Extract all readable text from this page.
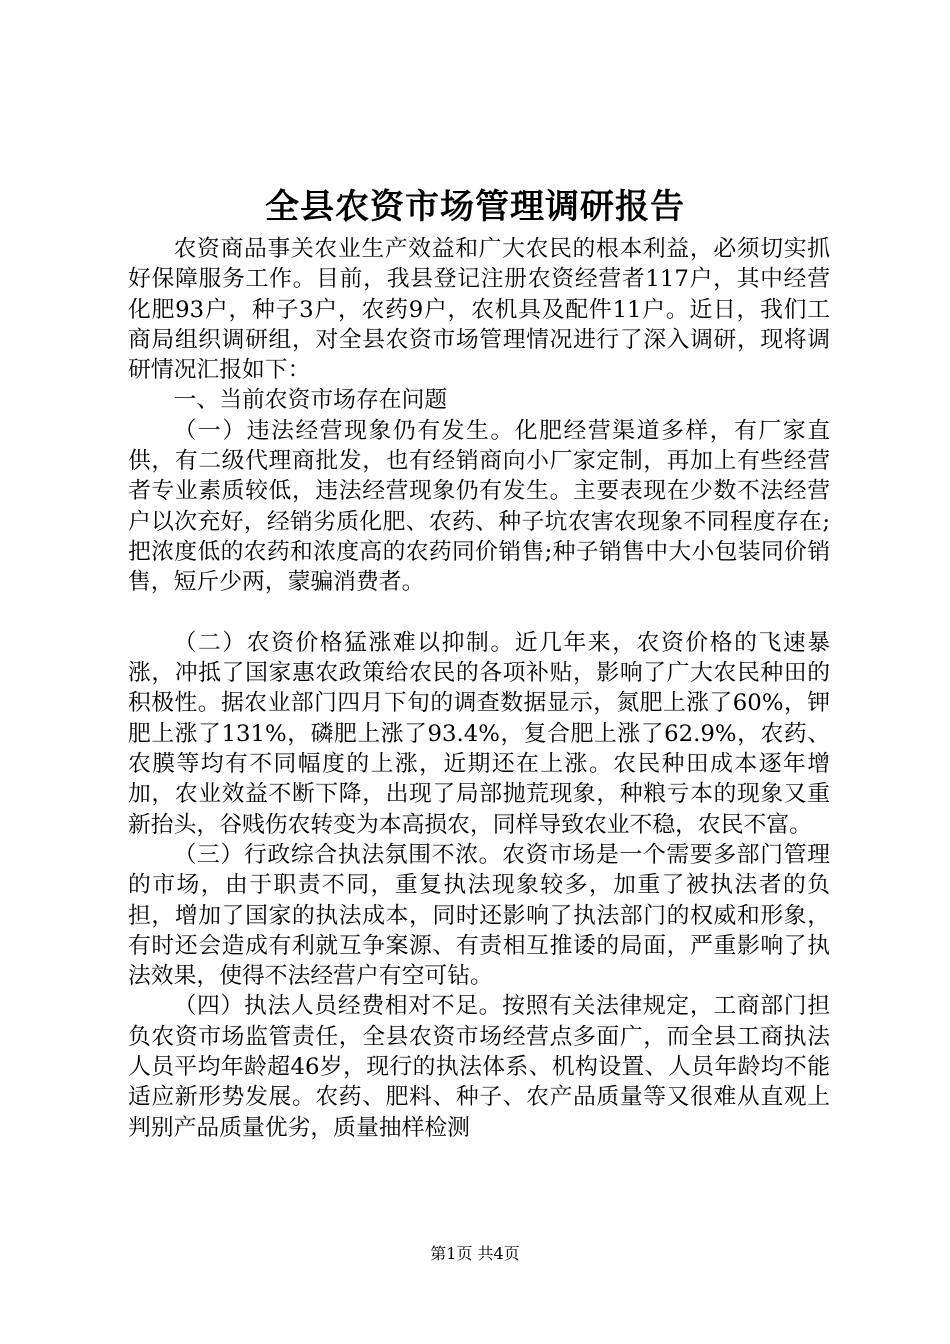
全县农资市场管理调研报告

农资商品事关农业生产效益和广大农民的根本利益，必须切实抓好保障服务工作。目前，我县登记注册农资经营者117户，其中经营化肥93户，种子3户，农药9户，农机具及配件11户。近日，我们工商局组织调研组，对全县农资市场管理情况进行了深入调研，现将调研情况汇报如下：

一、当前农资市场存在问题

（一）违法经营现象仍有发生。化肥经营渠道多样，有厂家直供，有二级代理商批发，也有经销商向小厂家定制，再加上有些经营者专业素质较低，违法经营现象仍有发生。主要表现在少数不法经营户以次充好，经销劣质化肥、农药、种子坑农害农现象不同程度存在;把浓度低的农药和浓度高的农药同价销售;种子销售中大小包装同价销售，短斤少两，蒙骗消费者。

（二）农资价格猛涨难以抑制。近几年来，农资价格的飞速暴涨，冲抵了国家惠农政策给农民的各项补贴，影响了广大农民种田的积极性。据农业部门四月下旬的调查数据显示，氮肥上涨了60%，钾肥上涨了131%，磷肥上涨了93.4%，复合肥上涨了62.9%，农药、农膜等均有不同幅度的上涨，近期还在上涨。农民种田成本逐年增加，农业效益不断下降，出现了局部抛荒现象，种粮亏本的现象又重新抬头，谷贱伤农转变为本高损农，同样导致农业不稳，农民不富。

（三）行政综合执法氛围不浓。农资市场是一个需要多部门管理的市场，由于职责不同，重复执法现象较多，加重了被执法者的负担，增加了国家的执法成本，同时还影响了执法部门的权威和形象，有时还会造成有利就互争案源、有责相互推诿的局面，严重影响了执法效果，使得不法经营户有空可钻。

（四）执法人员经费相对不足。按照有关法律规定，工商部门担负农资市场监管责任，全县农资市场经营点多面广，而全县工商执法人员平均年龄超46岁，现行的执法体系、机构设置、人员年龄均不能适应新形势发展。农药、肥料、种子、农产品质量等又很难从直观上判别产品质量优劣，质量抽样检测

第1页 共4页
